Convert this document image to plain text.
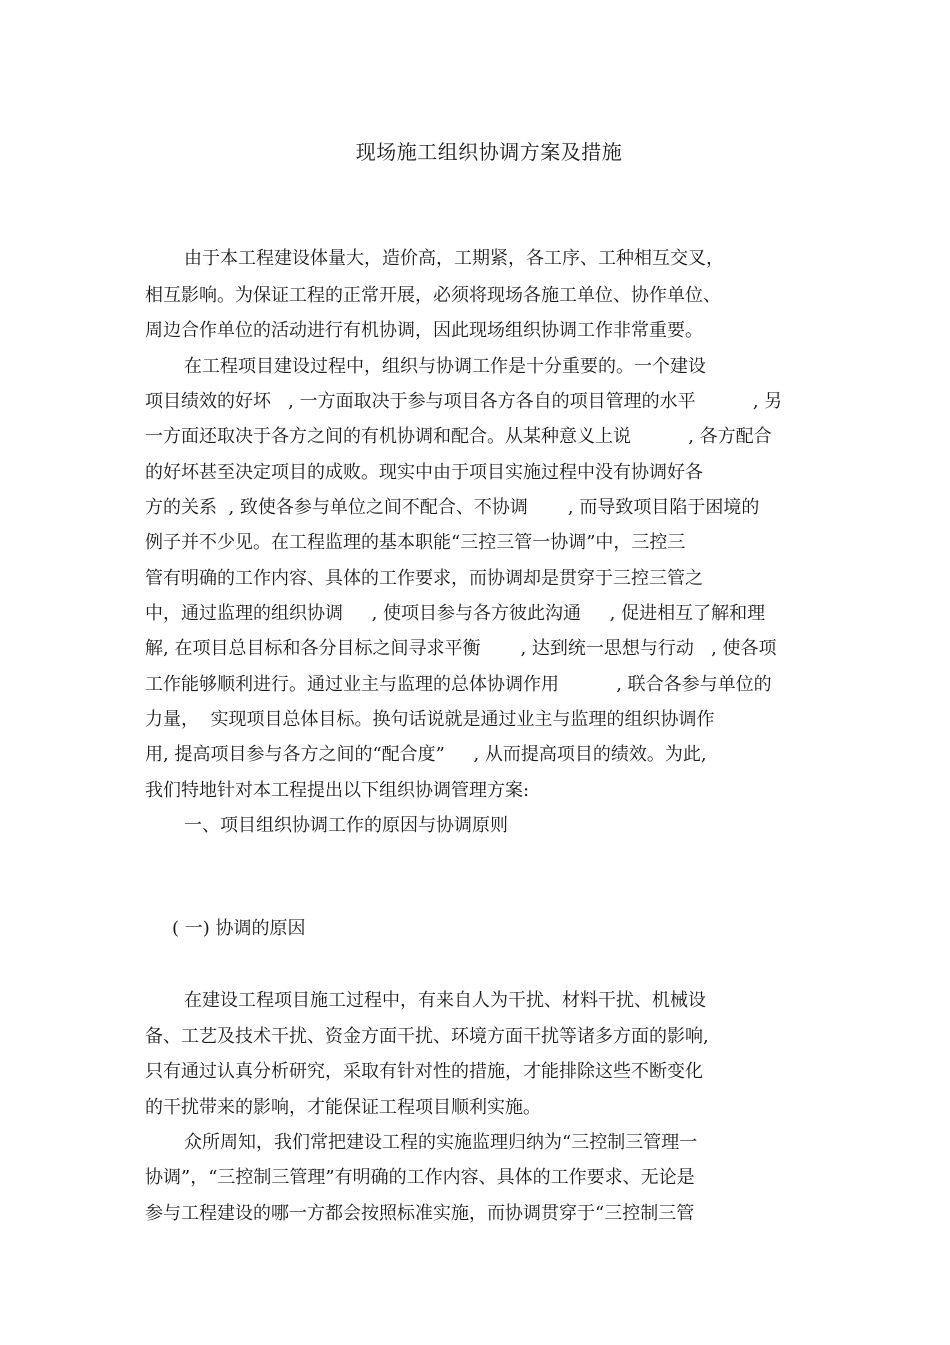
现场施工组织协调方案及措施
由于本工程建设体量大，造价高，工期紧，各工序、工种相互交叉，
相互影响。为保证工程的正常开展，必须将现场各施工单位、协作单位、
周边合作单位的活动进行有机协调，因此现场组织协调工作非常重要。
在工程项目建设过程中，组织与协调工作是十分重要的。一个建设
项目绩效的好坏   , 一方面取决于参与项目各方各自的项目管理的水平          , 另
一方面还取决于各方之间的有机协调和配合。从某种意义上说          , 各方配合
的好坏甚至决定项目的成败。现实中由于项目实施过程中没有协调好各
方的关系  , 致使各参与单位之间不配合、不协调       , 而导致项目陷于困境的
例子并不少见。在工程监理的基本职能“三控三管一协调”中，三控三
管有明确的工作内容、具体的工作要求，而协调却是贯穿于三控三管之
中，通过监理的组织协调     , 使项目参与各方彼此沟通     , 促进相互了解和理
解, 在项目总目标和各分目标之间寻求平衡       , 达到统一思想与行动   , 使各项
工作能够顺利进行。通过业主与监理的总体协调作用          , 联合各参与单位的
力量，  实现项目总体目标。换句话说就是通过业主与监理的组织协调作
用, 提高项目参与各方之间的“配合度”     , 从而提高项目的绩效。为此,
我们特地针对本工程提出以下组织协调管理方案:
一、项目组织协调工作的原因与协调原则
( 一) 协调的原因
在建设工程项目施工过程中，有来自人为干扰、材料干扰、机械设
备、工艺及技术干扰、资金方面干扰、环境方面干扰等诸多方面的影响,
只有通过认真分析研究，采取有针对性的措施，才能排除这些不断变化
的干扰带来的影响，才能保证工程项目顺利实施。
众所周知，我们常把建设工程的实施监理归纳为“三控制三管理一
协调”，“三控制三管理”有明确的工作内容、具体的工作要求、无论是
参与工程建设的哪一方都会按照标准实施，而协调贯穿于“三控制三管
